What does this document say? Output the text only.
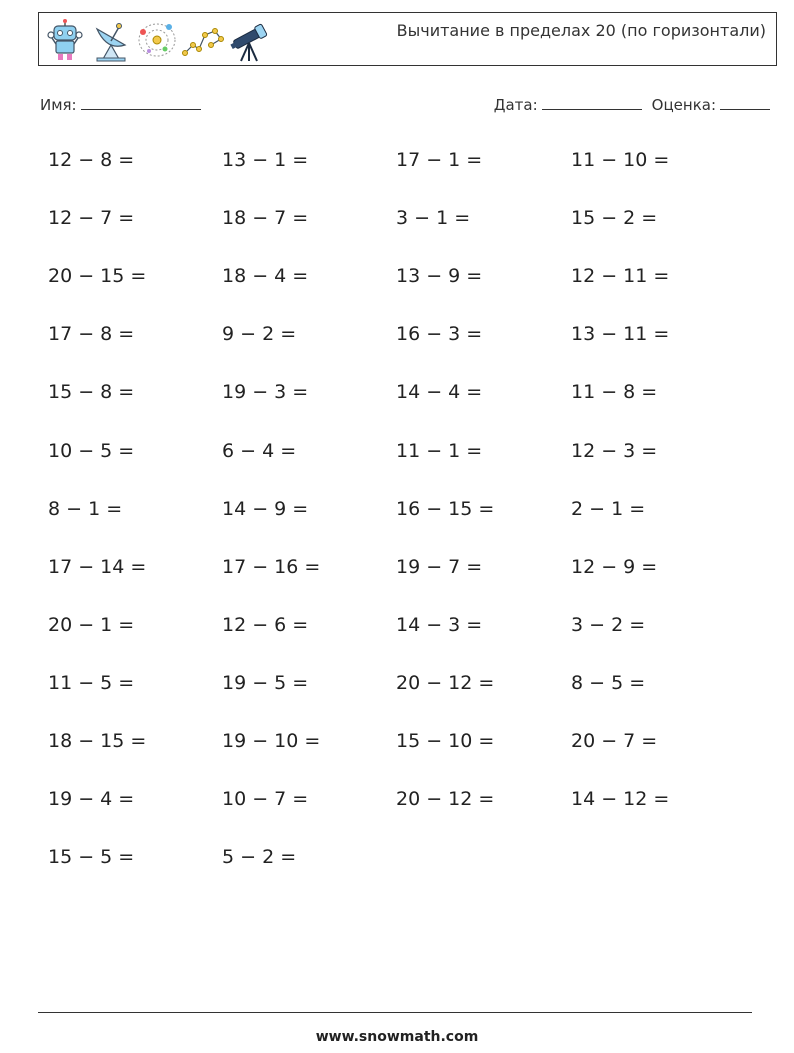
Вычитание в пределах 20 (по горизонтали)
Имя:	Дата:	Оценка:
12 − 8 =	13 − 1 =	17 − 1 =	11 − 10 =
12 − 7 =	18 − 7 =	3 − 1 =	15 − 2 =
20 − 15 =	18 − 4 =	13 − 9 =	12 − 11 =
17 − 8 =	9 − 2 =	16 − 3 =	13 − 11 =
15 − 8 =	19 − 3 =	14 − 4 =	11 − 8 =
10 − 5 =	6 − 4 =	11 − 1 =	12 − 3 =
8 − 1 =	14 − 9 =	16 − 15 =	2 − 1 =
17 − 14 =	17 − 16 =	19 − 7 =	12 − 9 =
20 − 1 =	12 − 6 =	14 − 3 =	3 − 2 =
11 − 5 =	19 − 5 =	20 − 12 =	8 − 5 =
18 − 15 =	19 − 10 =	15 − 10 =	20 − 7 =
19 − 4 =	10 − 7 =	20 − 12 =	14 − 12 =
15 − 5 =	5 − 2 =
www.snowmath.com
